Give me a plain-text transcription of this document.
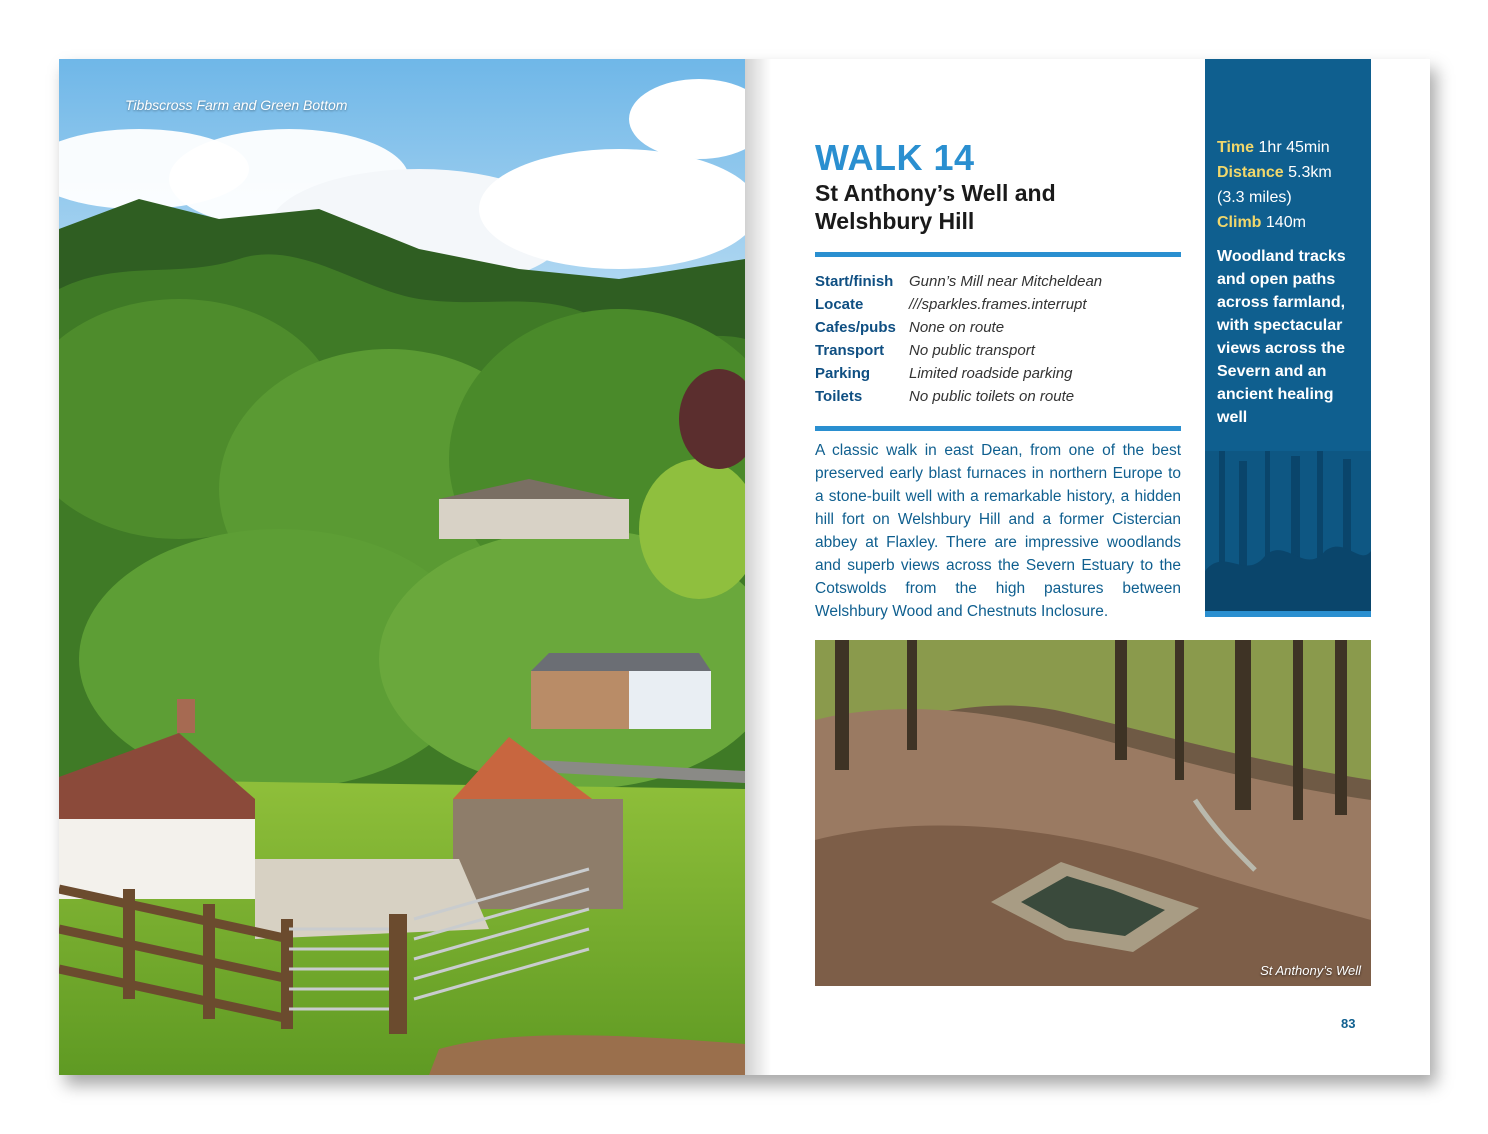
Tibbscross Farm and Green Bottom
WALK 14
St Anthony’s Well and Welshbury Hill
Start/finish Gunn’s Mill near Mitcheldean
Locate	///sparkles.frames.interrupt
Cafes/pubs None on route
Transport No public transport
Parking	Limited roadside parking
Toilets	No public toilets on route
A classic walk in east Dean, from one of the best preserved early blast furnaces in northern Europe to a stone-built well with a remarkable history, a hidden hill fort on Welshbury Hill and a former Cistercian abbey at Flaxley. There are impressive woodlands and superb views across the Severn Estuary to the Cotswolds from the high pastures between Welshbury Wood and Chestnuts Inclosure.
Time 1hr 45min
Distance 5.3km (3.3 miles)
Climb 140m
Woodland tracks and open paths across farmland, with spectacular views across the Severn and an ancient healing well
St Anthony’s Well
83
